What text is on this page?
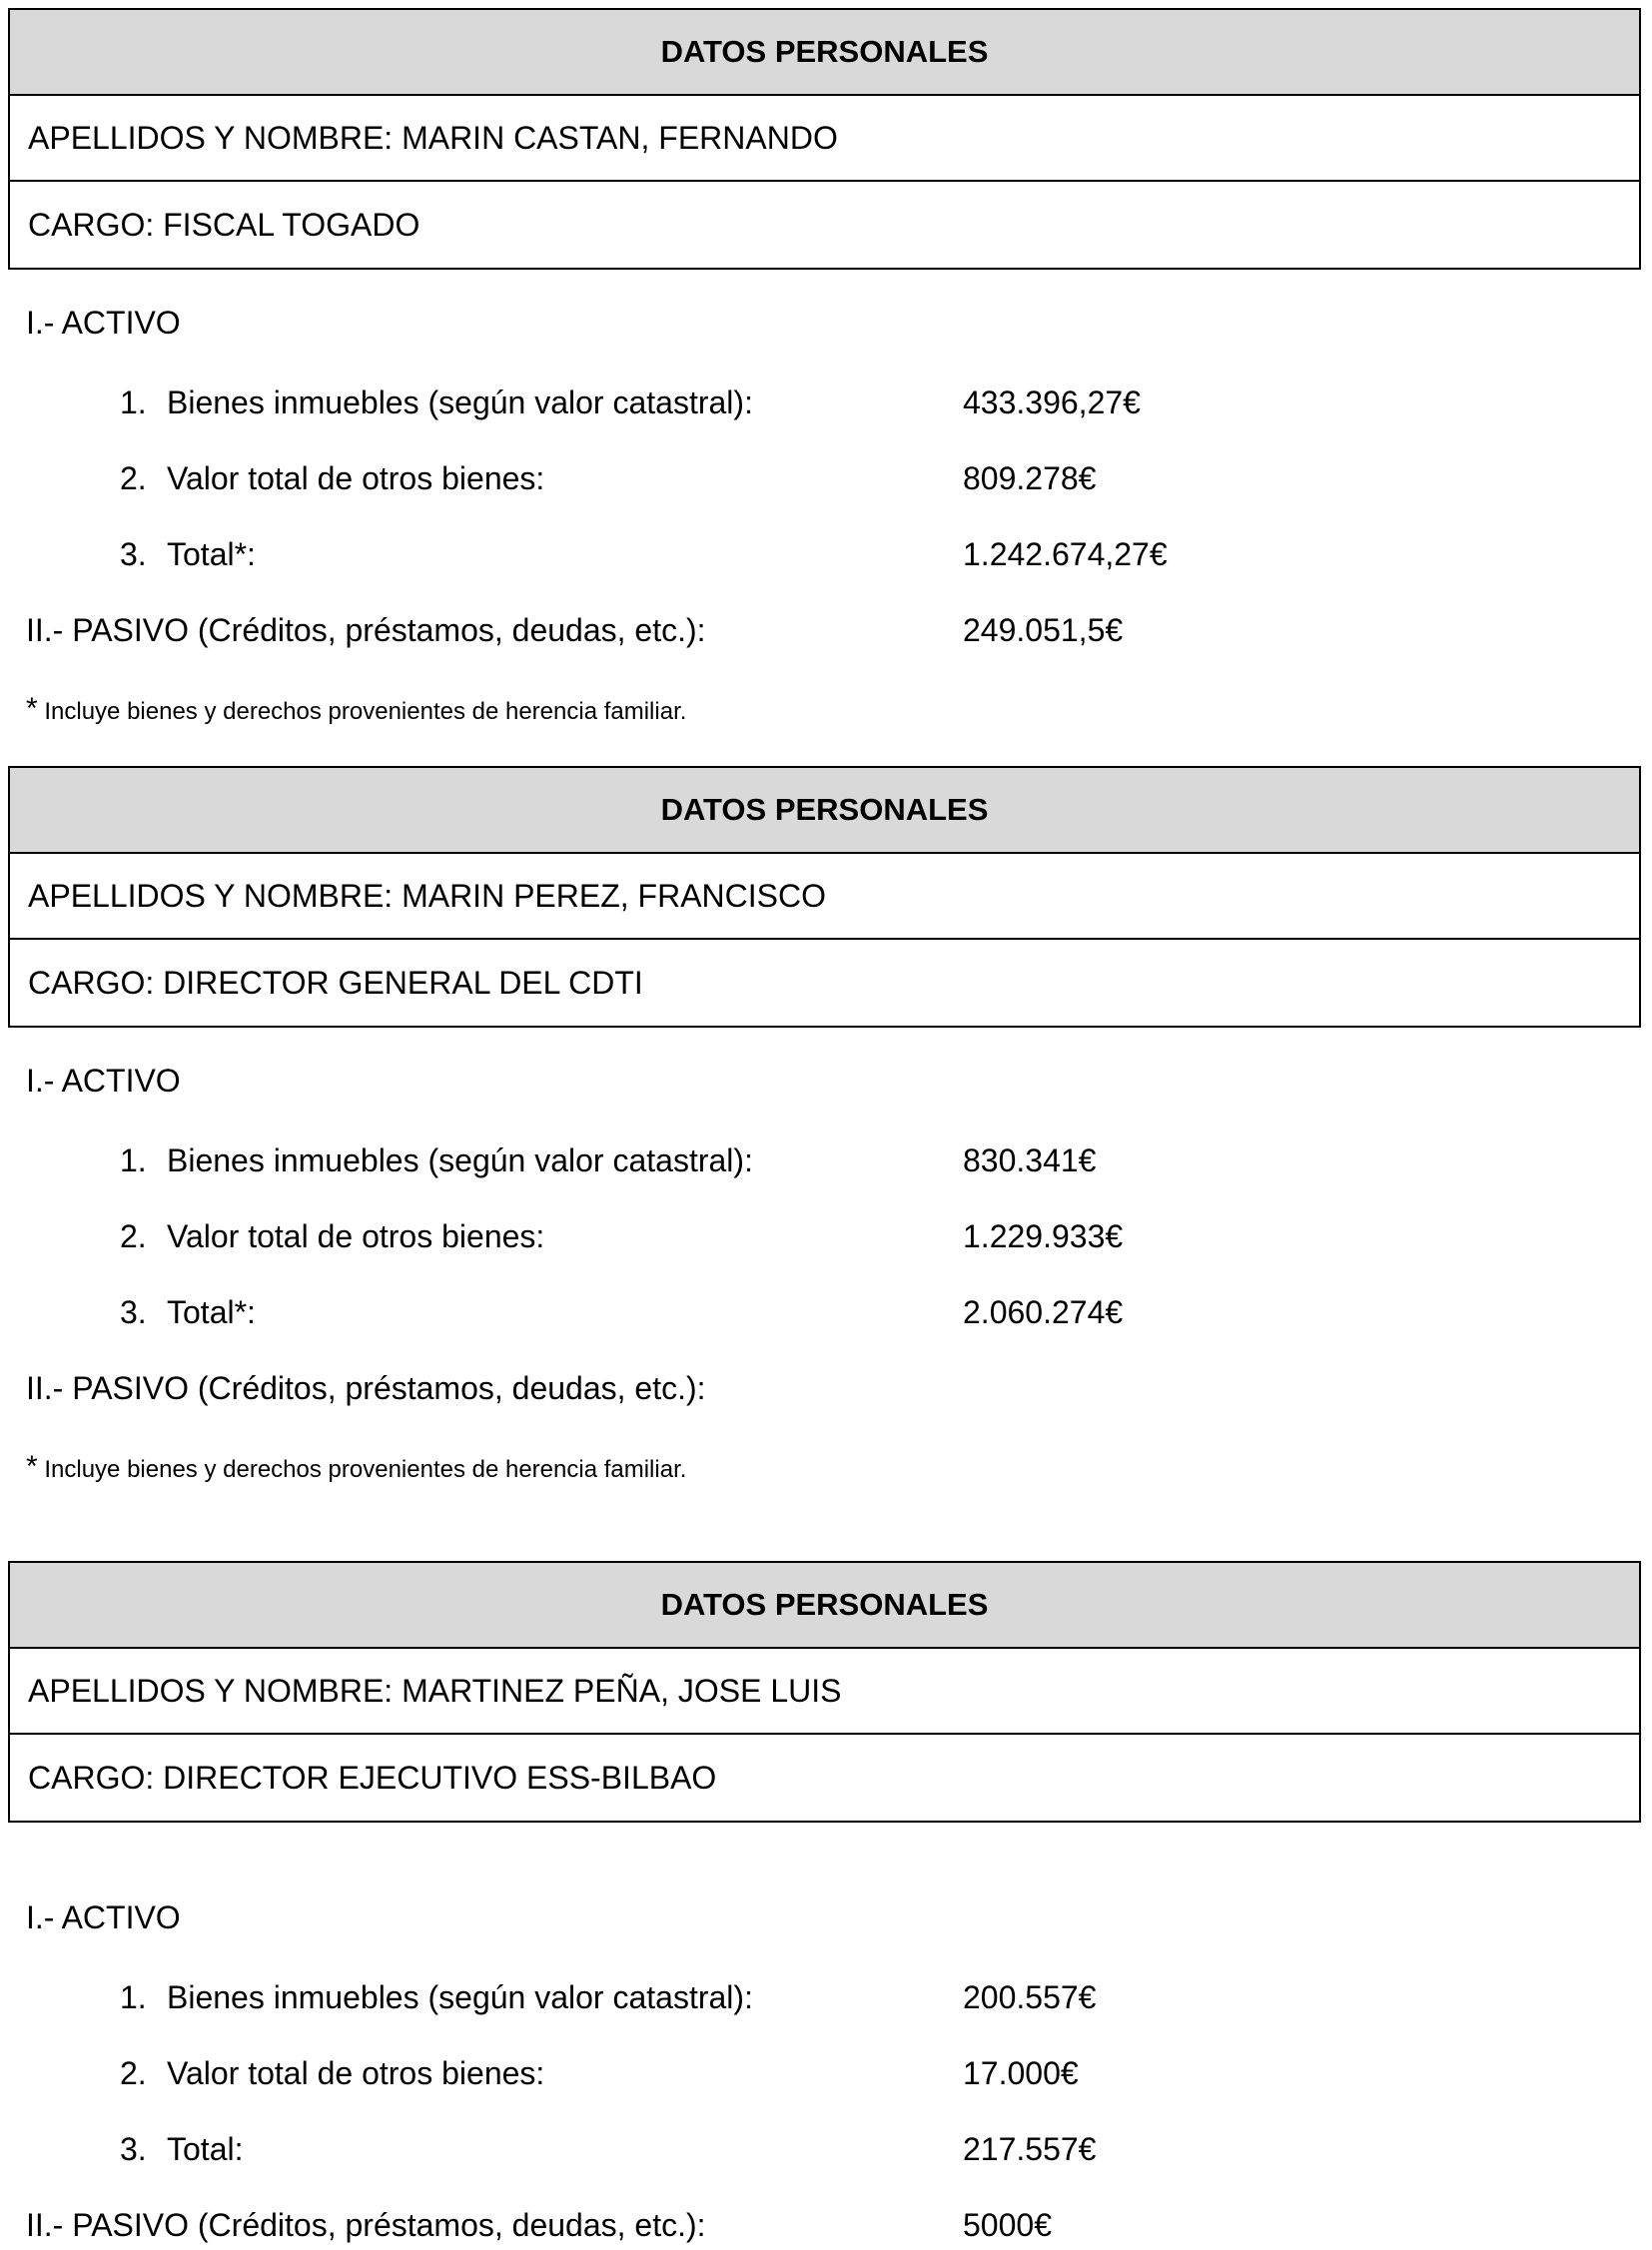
DATOS PERSONALES
APELLIDOS Y NOMBRE: MARIN CASTAN, FERNANDO
CARGO: FISCAL TOGADO
I.- ACTIVO
1. Bienes inmuebles (según valor catastral):	433.396,27€
2. Valor total de otros bienes:	809.278€
3. Total*:	1.242.674,27€
II.- PASIVO (Créditos, préstamos, deudas, etc.):	249.051,5€
* Incluye bienes y derechos provenientes de herencia familiar.
DATOS PERSONALES
APELLIDOS Y NOMBRE: MARIN PEREZ, FRANCISCO
CARGO: DIRECTOR GENERAL DEL CDTI
I.- ACTIVO
1. Bienes inmuebles (según valor catastral):	830.341€
2. Valor total de otros bienes:	1.229.933€
3. Total*:	2.060.274€
II.- PASIVO (Créditos, préstamos, deudas, etc.):
* Incluye bienes y derechos provenientes de herencia familiar.
DATOS PERSONALES
APELLIDOS Y NOMBRE: MARTINEZ PEÑA, JOSE LUIS
CARGO: DIRECTOR EJECUTIVO ESS-BILBAO
I.- ACTIVO
1. Bienes inmuebles (según valor catastral):	200.557€
2. Valor total de otros bienes:	17.000€
3. Total:	217.557€
II.- PASIVO (Créditos, préstamos, deudas, etc.):	5000€
